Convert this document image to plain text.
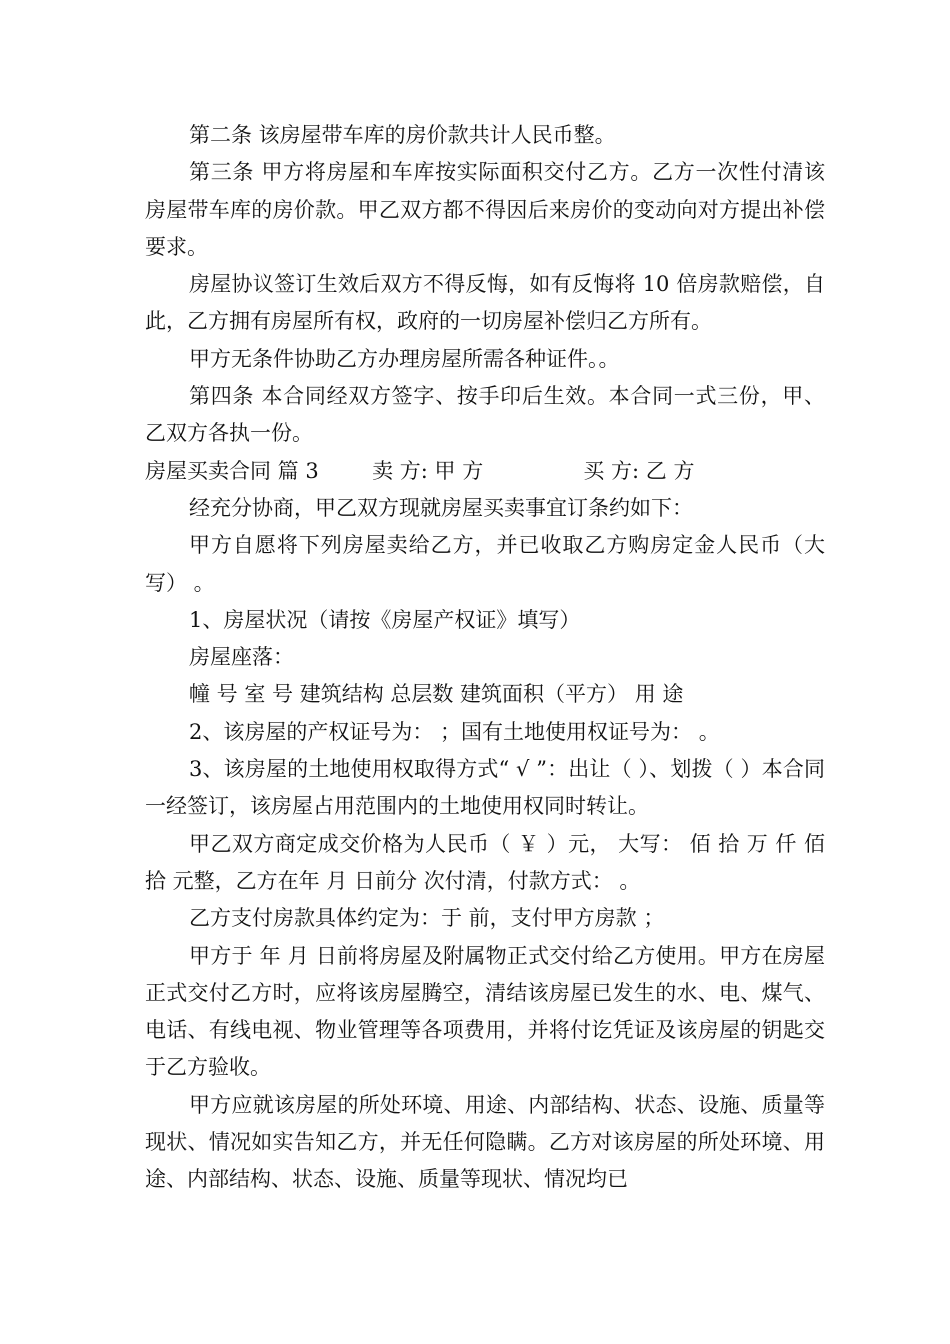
第二条 该房屋带车库的房价款共计人民币整。

第三条 甲方将房屋和车库按实际面积交付乙方。乙方一次性付清该房屋带车库的房价款。甲乙双方都不得因后来房价的变动向对方提出补偿要求。

房屋协议签订生效后双方不得反悔，如有反悔将 10 倍房款赔偿，自此，乙方拥有房屋所有权，政府的一切房屋补偿归乙方所有。

甲方无条件协助乙方办理房屋所需各种证件。。

第四条 本合同经双方签字、按手印后生效。本合同一式三份，甲、乙双方各执一份。

房屋买卖合同 篇 3        卖 方: 甲 方               买 方: 乙 方

经充分协商，甲乙双方现就房屋买卖事宜订条约如下：

甲方自愿将下列房屋卖给乙方，并已收取乙方购房定金人民币（大写） 。

1、房屋状况（请按《房屋产权证》填写）

房屋座落：

幢 号 室 号 建筑结构 总层数 建筑面积（平方） 用 途

2、该房屋的产权证号为： ；国有土地使用权证号为： 。

3、该房屋的土地使用权取得方式“ √ ”：出让（ ）、划拨（ ）本合同一经签订，该房屋占用范围内的土地使用权同时转让。

甲乙双方商定成交价格为人民币（ ￥ ）元， 大写： 佰 拾 万 仟 佰 拾 元整，乙方在年 月 日前分 次付清，付款方式： 。

乙方支付房款具体约定为：于 前，支付甲方房款 ；

甲方于 年 月 日前将房屋及附属物正式交付给乙方使用。甲方在房屋正式交付乙方时，应将该房屋腾空，清结该房屋已发生的水、电、煤气、电话、有线电视、物业管理等各项费用，并将付讫凭证及该房屋的钥匙交于乙方验收。

甲方应就该房屋的所处环境、用途、内部结构、状态、设施、质量等现状、情况如实告知乙方，并无任何隐瞒。乙方对该房屋的所处环境、用途、内部结构、状态、设施、质量等现状、情况均已
